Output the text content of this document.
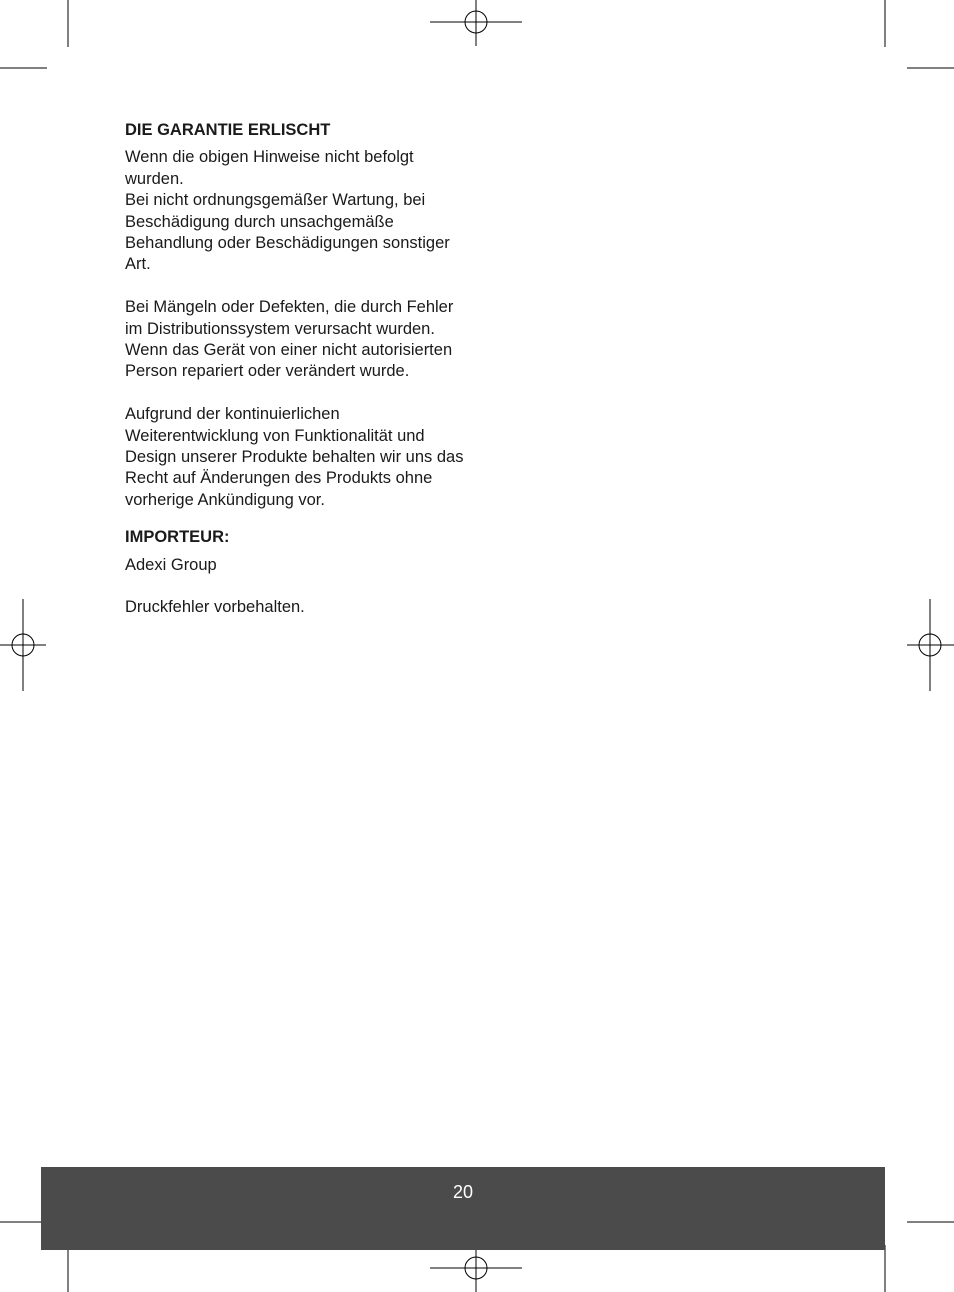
DIE GARANTIE ERLISCHT

Wenn die obigen Hinweise nicht befolgt wurden.

Bei nicht ordnungsgemäßer Wartung, bei Beschädigung durch unsachgemäße Behandlung oder Beschädigungen sonstiger Art.

Bei Mängeln oder Defekten, die durch Fehler im Distributionssystem verursacht wurden.

Wenn das Gerät von einer nicht autorisierten Person repariert oder verändert wurde.

Aufgrund der kontinuierlichen Weiterentwicklung von Funktionalität und Design unserer Produkte behalten wir uns das Recht auf Änderungen des Produkts ohne vorherige Ankündigung vor.

IMPORTEUR:

Adexi Group

Druckfehler vorbehalten.

20
